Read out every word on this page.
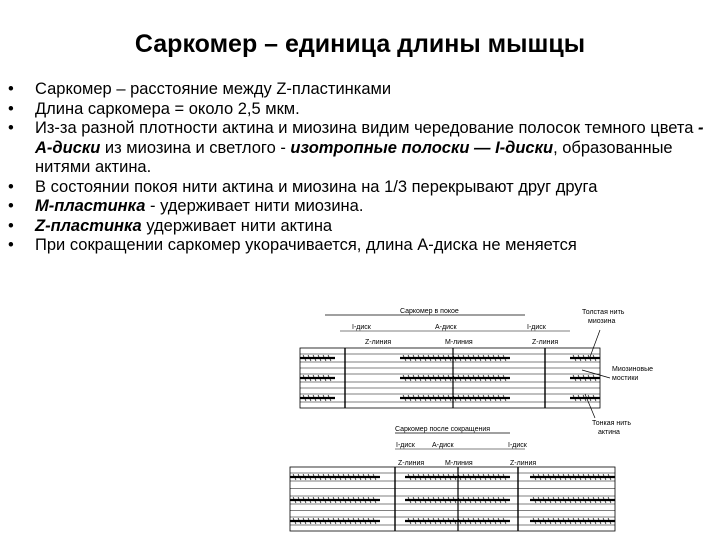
Саркомер – единица длины мышцы
• Саркомер – расстояние между Z-пластинками
• Длина саркомера = около 2,5 мкм.
• Из-за разной плотности актина и миозина видим чередование полосок темного цвета - А-диски из миозина и светлого - изотропные полоски — I-диски, образованные нитями актина.
• В состоянии покоя нити актина и миозина на 1/3 перекрывают друг друга
• М-пластинка - удерживает нити миозина.
• Z-пластинка удерживает нити актина
• При сокращении саркомер укорачивается, длина А-диска не меняется
Саркомер в покое
I-диск	A-диск	I-диск
Z-линия	М-линия	Z-линия
Толстая нить миозина
Миозиновые мостики
Тонкая нить актина
Саркомер после сокращения
I-диск A-диск	I-диск
Z-линия	М-линия	Z-линия
